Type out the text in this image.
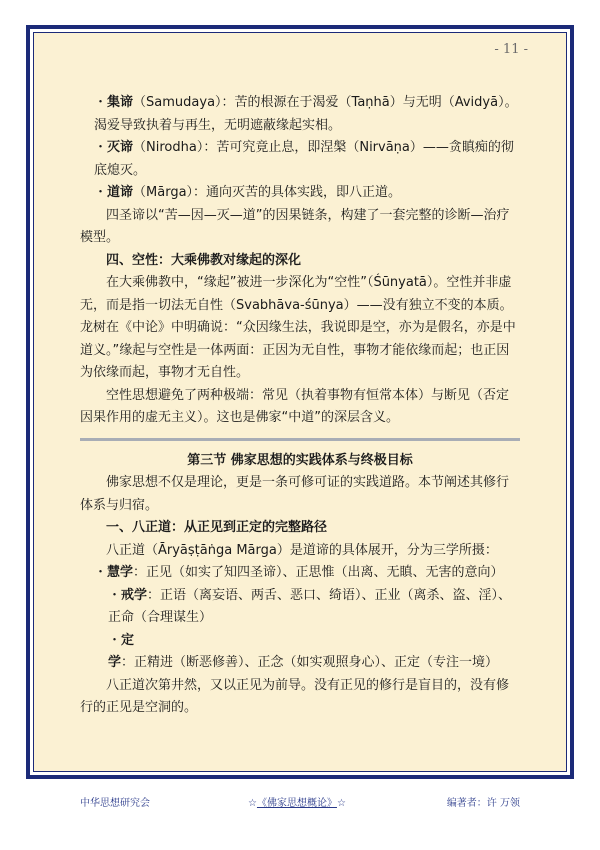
- 11 -

・集谛（Samudaya）：苦的根源在于渴爱（Taṇhā）与无明（Avidyā）。渴爱导致执着与再生，无明遮蔽缘起实相。

・灭谛（Nirodha）：苦可究竟止息，即涅槃（Nirvāṇa）——贪瞋痴的彻底熄灭。

・道谛（Mārga）：通向灭苦的具体实践，即八正道。

四圣谛以“苦—因—灭—道”的因果链条，构建了一套完整的诊断—治疗模型。

四、空性：大乘佛教对缘起的深化

在大乘佛教中，“缘起”被进一步深化为“空性”（Śūnyatā）。空性并非虚无，而是指一切法无自性（Svabhāva-śūnya）——没有独立不变的本质。龙树在《中论》中明确说：“众因缘生法，我说即是空，亦为是假名，亦是中道义。”缘起与空性是一体两面：正因为无自性，事物才能依缘而起；也正因为依缘而起，事物才无自性。

空性思想避免了两种极端：常见（执着事物有恒常本体）与断见（否定因果作用的虚无主义）。这也是佛家“中道”的深层含义。

第三节 佛家思想的实践体系与终极目标

佛家思想不仅是理论，更是一条可修可证的实践道路。本节阐述其修行体系与归宿。

一、八正道：从正见到正定的完整路径

八正道（Āryāṣṭāṅga Mārga）是道谛的具体展开，分为三学所摄：

・慧学：正见（如实了知四圣谛）、正思惟（出离、无瞋、无害的意向）

・戒学：正语（离妄语、两舌、恶口、绮语）、正业（离杀、盗、淫）、正命（合理谋生）

・定学：正精进（断恶修善）、正念（如实观照身心）、正定（专注一境）

八正道次第井然，又以正见为前导。没有正见的修行是盲目的，没有修行的正见是空洞的。

中华思想研究会	☆《佛家思想概论》☆	编著者：许 万领
